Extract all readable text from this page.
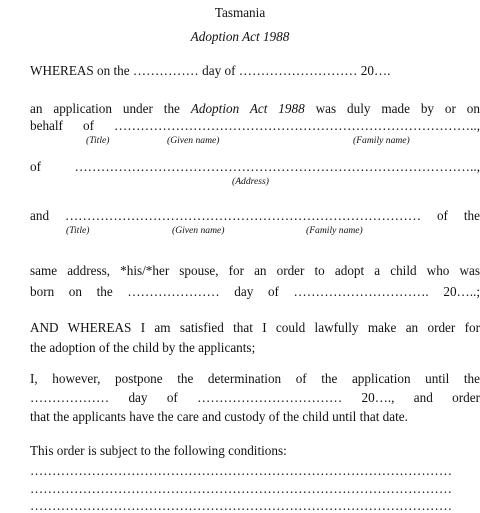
Tasmania
Adoption Act 1988
WHEREAS on the …………… day of ……………………… 20….
an application under the Adoption Act 1988 was duly made by or on
behalf of ………………………………………………………………………..,
(Title)	(Given name)	(Family name)
of ………………………………………………………………………………..,
(Address)
and ……………………………………………………………………… of the
(Title)	(Given name)	(Family name)
same address, *his/*her spouse, for an order to adopt a child who was
born on the ………………… day of …………………………. 20…..;
AND WHEREAS I am satisfied that I could lawfully make an order for
the adoption of the child by the applicants;
I, however, postpone the determination of the application until the
……………… day of …………………………… 20…., and order
that the applicants have the care and custody of the child until that date.
This order is subject to the following conditions:
……………………………………………………………………………………
……………………………………………………………………………………
……………………………………………………………………………………
